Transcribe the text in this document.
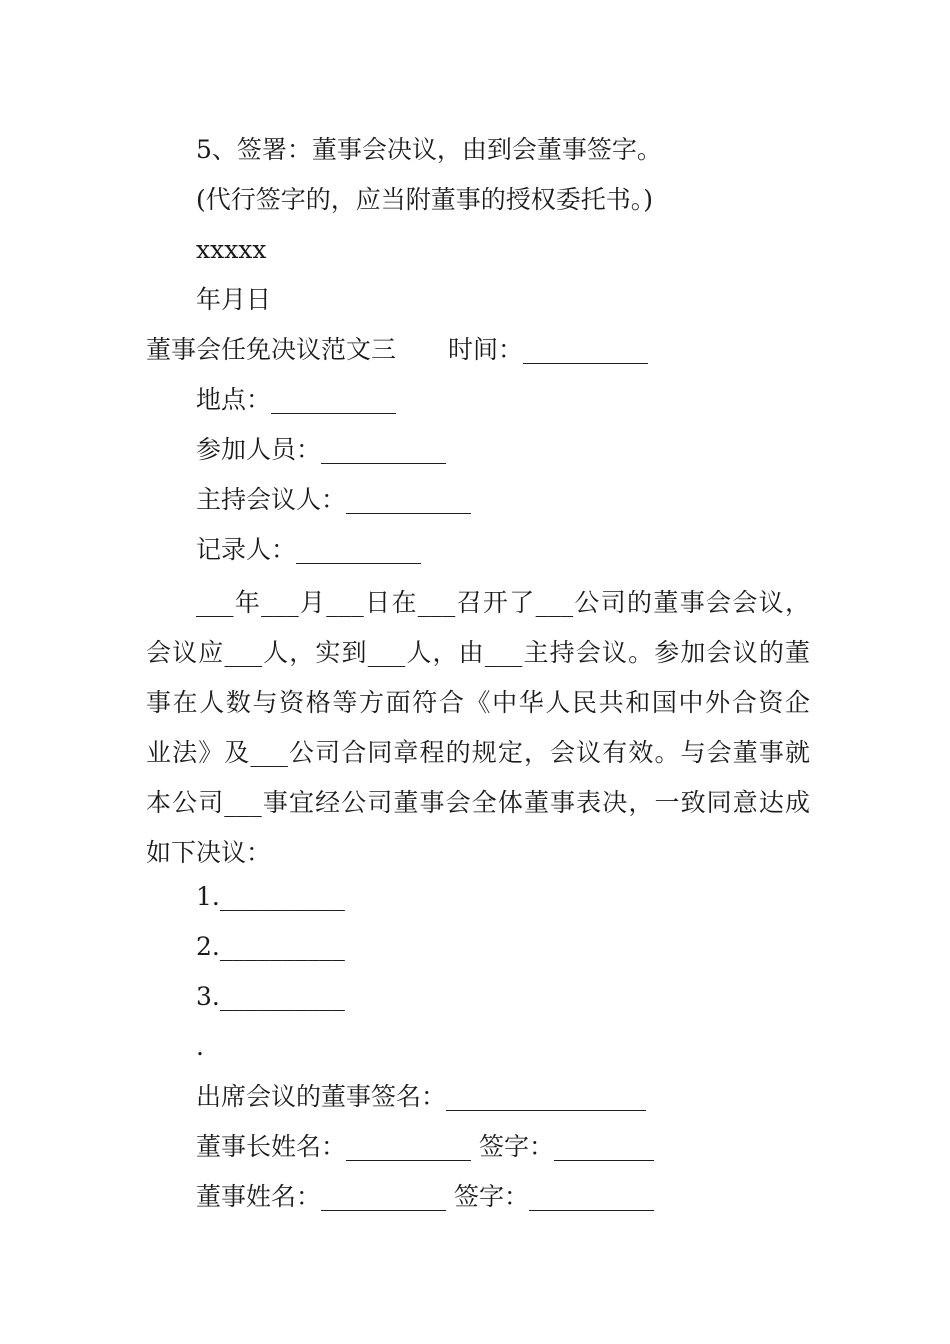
5、签署：董事会决议，由到会董事签字。
(代行签字的，应当附董事的授权委托书。)
xxxxx
年月日
董事会任免决议范文三 时间：__________
地点：__________
参加人员：__________
主持会议人：__________
记录人：__________
___年___月___日在___召开了___公司的董事会会议，
会议应___人，实到___人，由___主持会议。参加会议的董
事在人数与资格等方面符合《中华人民共和国中外合资企
业法》及___公司合同章程的规定，会议有效。与会董事就
本公司___事宜经公司董事会全体董事表决，一致同意达成
如下决议：
1.__________
2.__________
3.__________
.
出席会议的董事签名：________________
董事长姓名：__________ 签字：________
董事姓名：__________ 签字：__________
